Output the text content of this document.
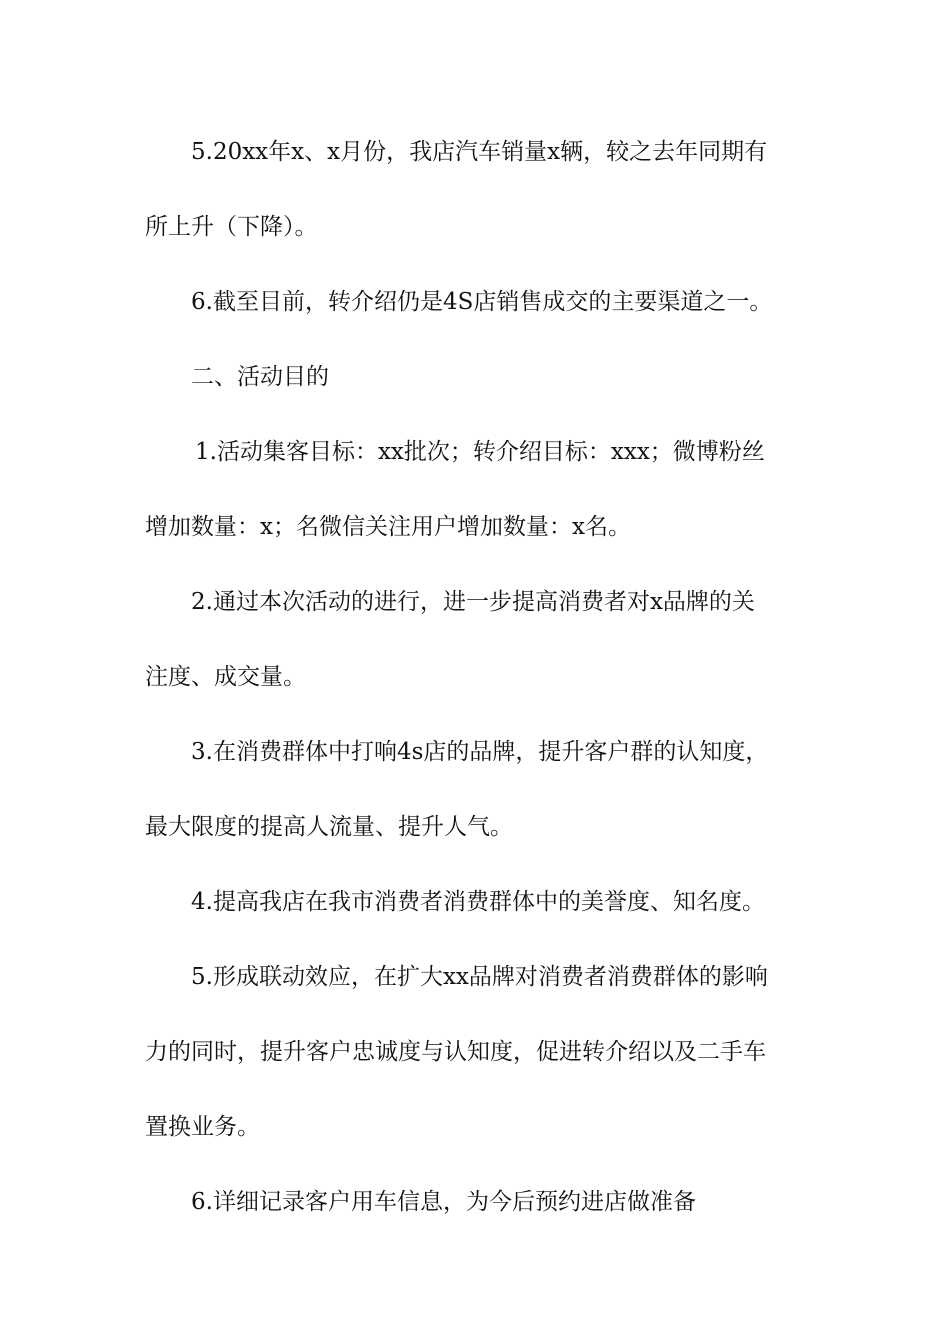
5.20xx年x、x月份，我店汽车销量x辆，较之去年同期有
所上升（下降）。

6.截至目前，转介绍仍是4S店销售成交的主要渠道之一。

二、活动目的

1.活动集客目标：xx批次；转介绍目标：xxx；微博粉丝
增加数量：x；名微信关注用户增加数量：x名。

2.通过本次活动的进行，进一步提高消费者对x品牌的关
注度、成交量。

3.在消费群体中打响4s店的品牌，提升客户群的认知度，
最大限度的提高人流量、提升人气。

4.提高我店在我市消费者消费群体中的美誉度、知名度。

5.形成联动效应，在扩大xx品牌对消费者消费群体的影响
力的同时，提升客户忠诚度与认知度，促进转介绍以及二手车
置换业务。

6.详细记录客户用车信息，为今后预约进店做准备
